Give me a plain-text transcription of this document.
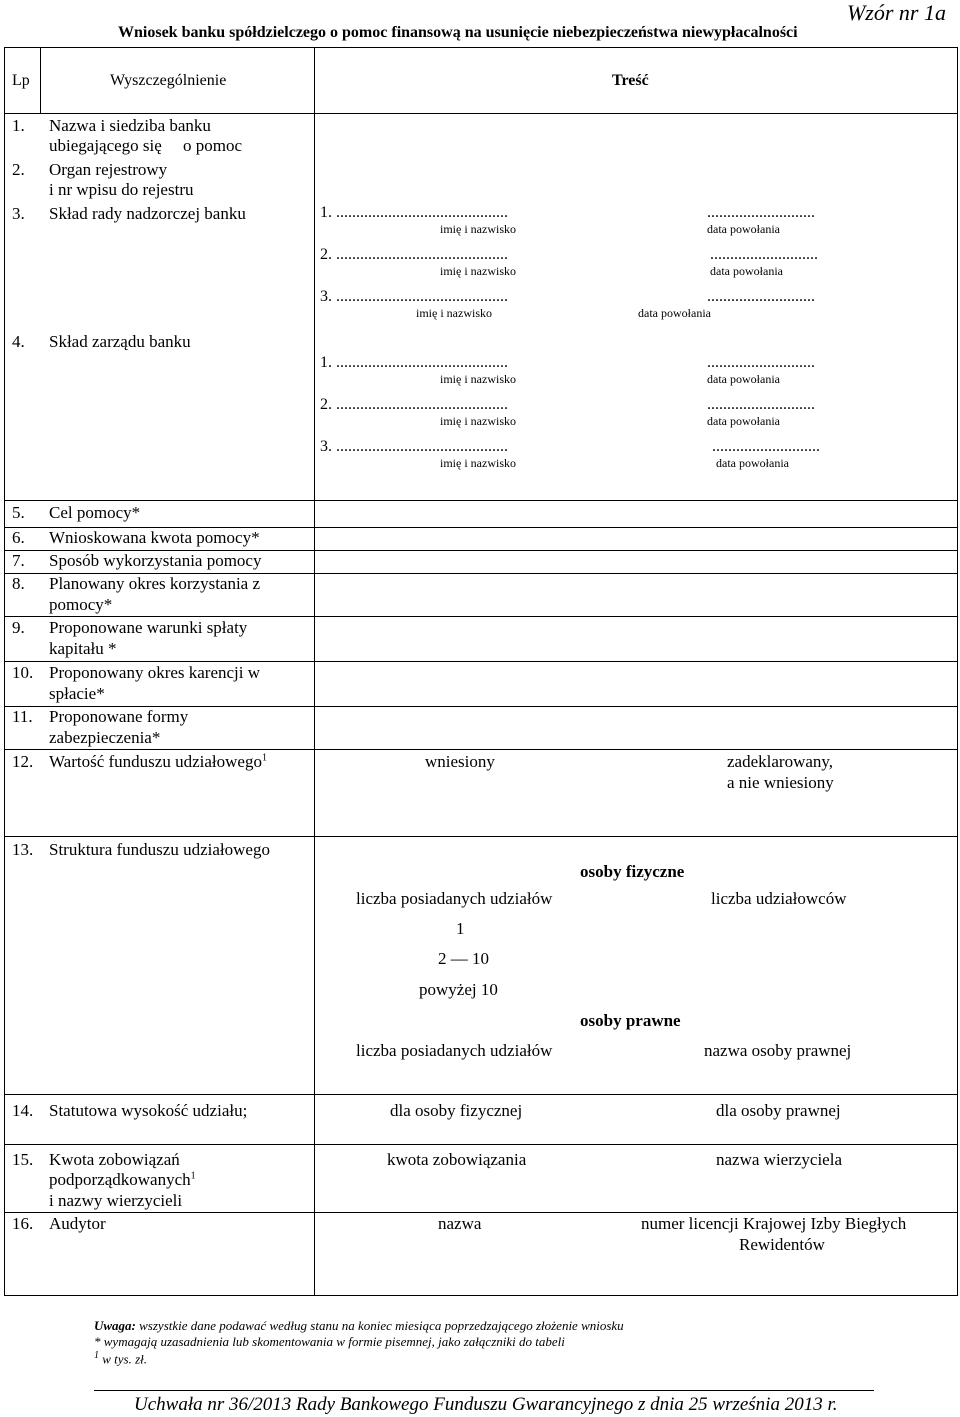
Wzór nr 1a
Wniosek banku spółdzielczego o pomoc finansową na usunięcie niebezpieczeństwa niewypłacalności
Lp	Wyszczególnienie	Treść
1. Nazwa i siedziba banku
ubiegającego się     o pomoc
2. Organ rejestrowy
i nr wpisu do rejestru
3. Skład rady nadzorczej banku	1. ...........................................	...........................
imię i nazwisko	data powołania
2. ...........................................	...........................
imię i nazwisko	data powołania
3. ...........................................	...........................
imię i nazwisko	data powołania
4. Skład zarządu banku
1. ...........................................	...........................
imię i nazwisko	data powołania
2. ...........................................	...........................
imię i nazwisko	data powołania
3. ...........................................	...........................
imię i nazwisko	data powołania
5. Cel pomocy*
6. Wnioskowana kwota pomocy*
7. Sposób wykorzystania pomocy
8. Planowany okres korzystania z
pomocy*
9. Proponowane warunki spłaty
kapitału *
10. Proponowany okres karencji w
spłacie*
11. Proponowane formy
zabezpieczenia*
12. Wartość funduszu udziałowego$^1$	wniesiony	zadeklarowany,
a nie wniesiony
13. Struktura funduszu udziałowego
osoby fizyczne
liczba posiadanych udziałów	liczba udziałowców
1
2 — 10
powyżej 10
osoby prawne
liczba posiadanych udziałów	nazwa osoby prawnej
14. Statutowa wysokość udziału;	dla osoby fizycznej	dla osoby prawnej
15. Kwota zobowiązań
podporządkowanych$^1$
i nazwy wierzycieli
kwota zobowiązania	nazwa wierzyciela
16. Audytor	nazwa	numer licencji Krajowej Izby Biegłych
Rewidentów
Uwaga: wszystkie dane podawać według stanu na koniec miesiąca poprzedzającego złożenie wniosku
* wymagają uzasadnienia lub skomentowania w formie pisemnej, jako załączniki do tabeli
$^1$ w tys. zł.
Uchwała nr 36/2013 Rady Bankowego Funduszu Gwarancyjnego z dnia 25 września 2013 r.
